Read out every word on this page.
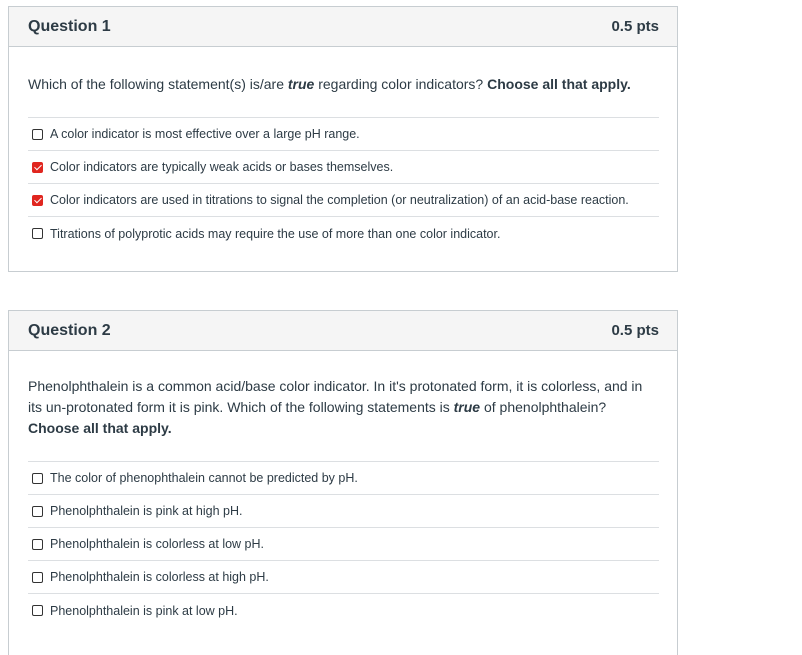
Question 1	0.5 pts
Which of the following statement(s) is/are true regarding color indicators? Choose all that apply.
A color indicator is most effective over a large pH range.
Color indicators are typically weak acids or bases themselves.
Color indicators are used in titrations to signal the completion (or neutralization) of an acid-base reaction.
Titrations of polyprotic acids may require the use of more than one color indicator.
Question 2	0.5 pts
Phenolphthalein is a common acid/base color indicator. In it's protonated form, it is colorless, and in its un-protonated form it is pink. Which of the following statements is true of phenolphthalein?
Choose all that apply.
The color of phenophthalein cannot be predicted by pH.
Phenolphthalein is pink at high pH.
Phenolphthalein is colorless at low pH.
Phenolphthalein is colorless at high pH.
Phenolphthalein is pink at low pH.
